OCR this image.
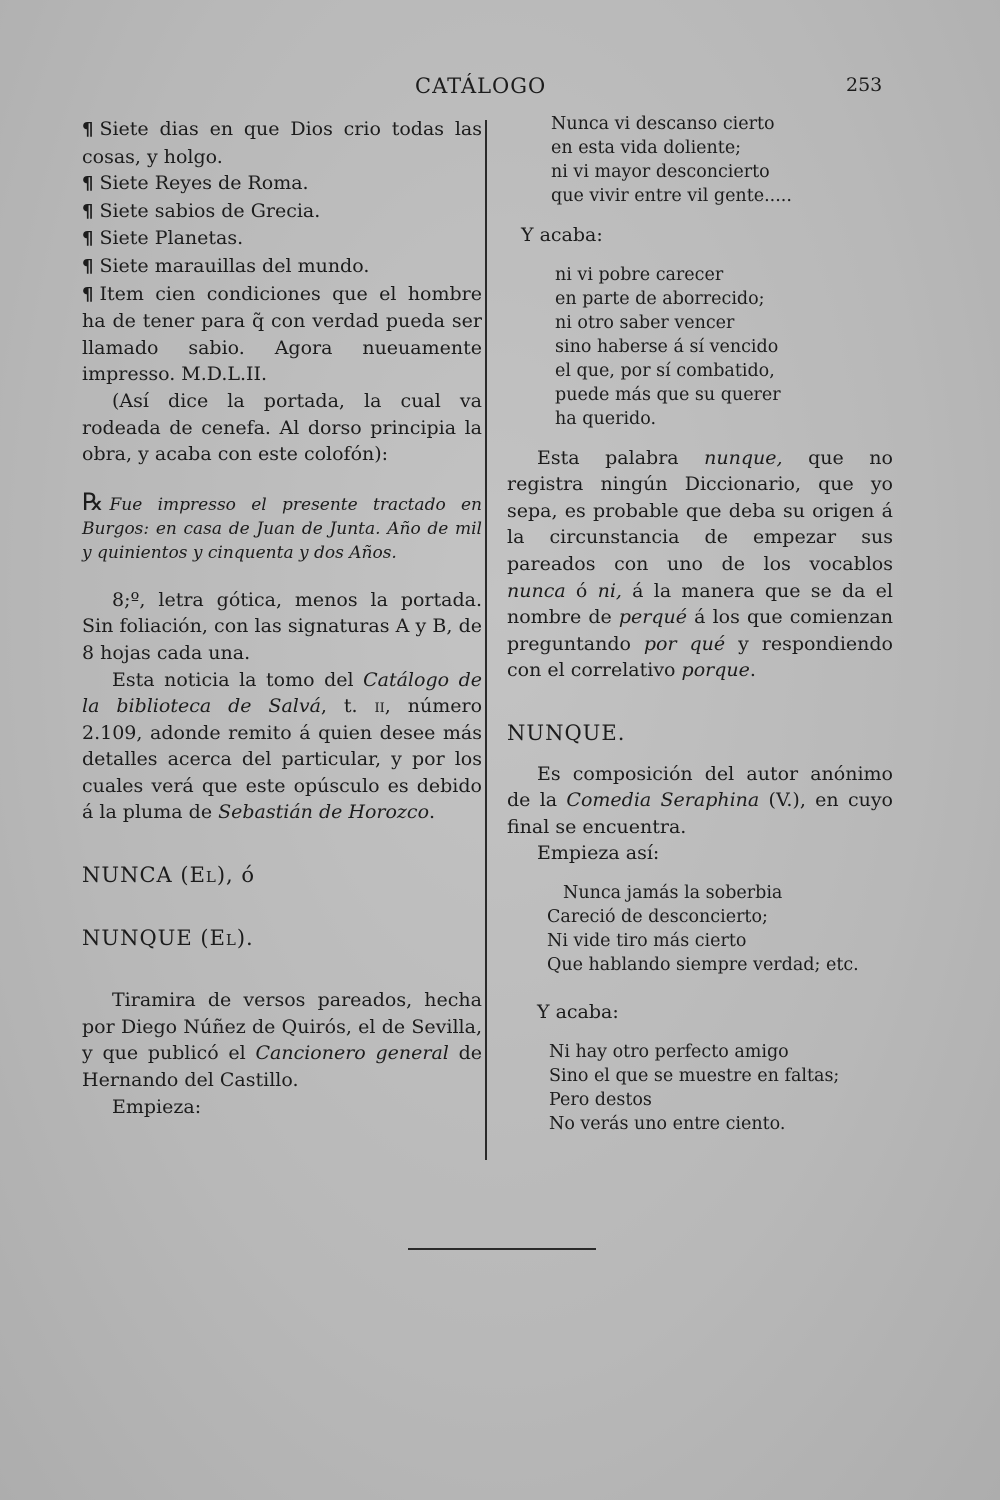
CATÁLOGO	253

¶ Siete dias en que Dios crio todas las cosas, y holgo.

¶ Siete Reyes de Roma.

¶ Siete sabios de Grecia.

¶ Siete Planetas.

¶ Siete marauillas del mundo.

¶ Item cien condiciones que el hombre ha de tener para q̃ con verdad pueda ser llamado sabio. Agora nueuamente impresso. M.D.L.II.

(Así dice la portada, la cual va rodeada de cenefa. Al dorso principia la obra, y acaba con este colofón):

℞ Fue impresso el presente tractado en Burgos: en casa de Juan de Junta. Año de mil y quinientos y cinquenta y dos Años.

8;º, letra gótica, menos la portada. Sin foliación, con las signaturas A y B, de 8 hojas cada una.

Esta noticia la tomo del Catálogo de la biblioteca de Salvá, t. ii, número 2.109, adonde remito á quien desee más detalles acerca del particular, y por los cuales verá que este opúsculo es debido á la pluma de Sebastián de Horozco.

NUNCA (El), ó

NUNQUE (El).

Tiramira de versos pareados, hecha por Diego Núñez de Quirós, el de Sevilla, y que publicó el Cancionero general de Hernando del Castillo.

Empieza:

Nunca vi descanso cierto
en esta vida doliente;
ni vi mayor desconcierto
que vivir entre vil gente.....

Y acaba:

ni vi pobre carecer
en parte de aborrecido;
ni otro saber vencer
sino haberse á sí vencido
el que, por sí combatido,
puede más que su querer
ha querido.

Esta palabra nunque, que no registra ningún Diccionario, que yo sepa, es probable que deba su origen á la circunstancia de empezar sus pareados con uno de los vocablos nunca ó ni, á la manera que se da el nombre de perqué á los que comienzan preguntando por qué y respondiendo con el correlativo porque.

NUNQUE.

Es composición del autor anónimo de la Comedia Seraphina (V.), en cuyo final se encuentra.

Empieza así:

Nunca jamás la soberbia
Careció de desconcierto;
Ni vide tiro más cierto
Que hablando siempre verdad; etc.

Y acaba:

Ni hay otro perfecto amigo
Sino el que se muestre en faltas;
Pero destos
No verás uno entre ciento.
